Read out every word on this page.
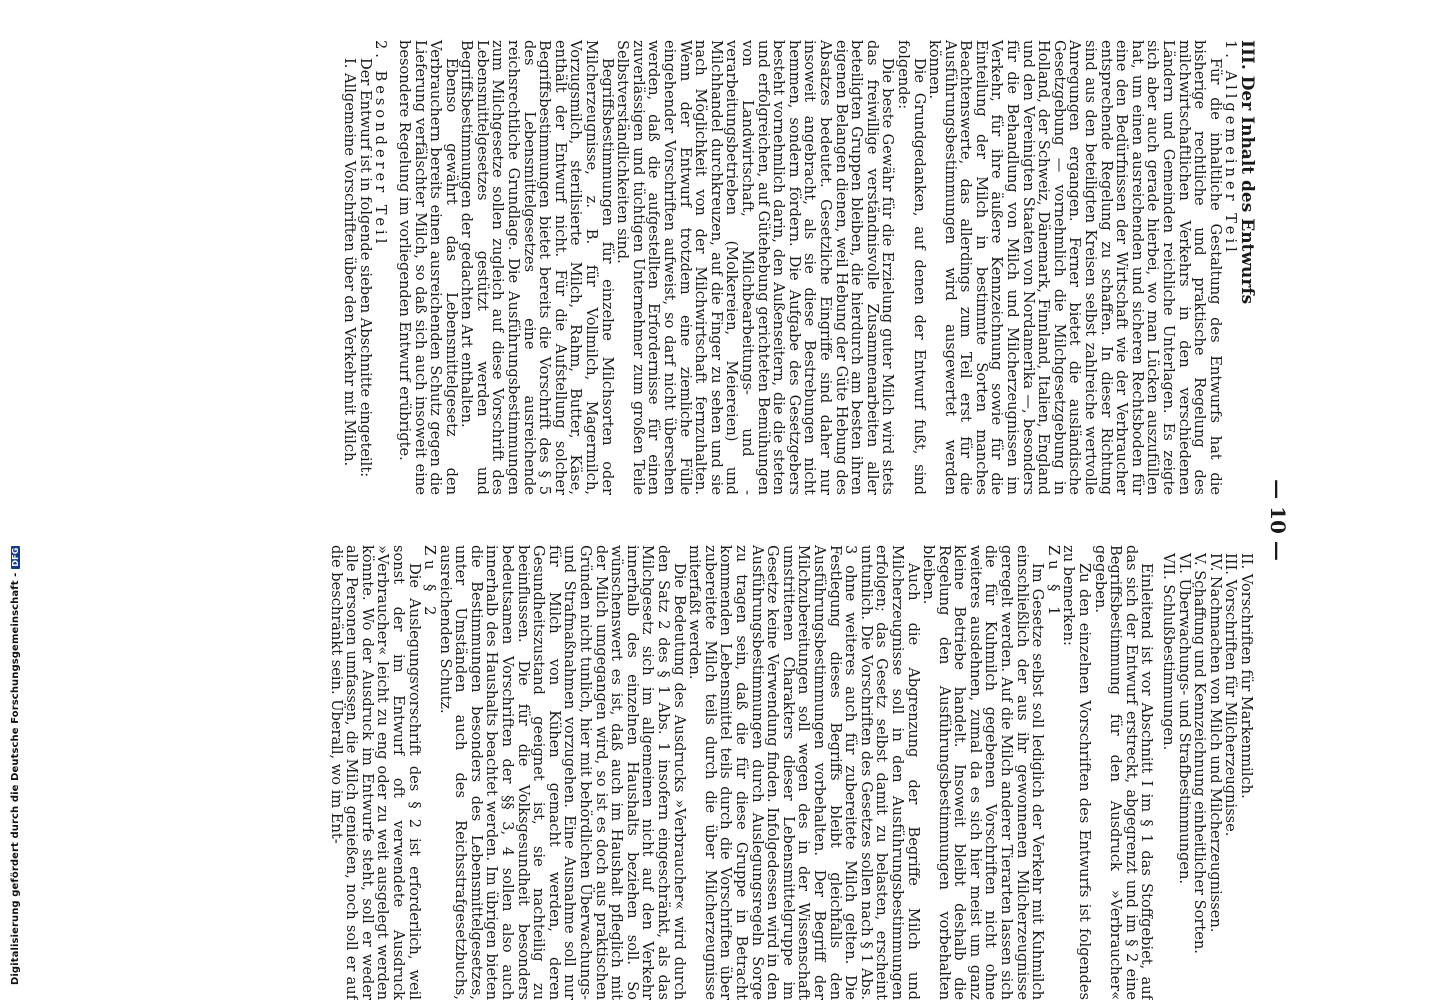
Digitalisierung gefördert durch die Deutsche Forschungsgemeinschaft -DFG	— 10 —

III. Der Inhalt des Entwurfs

1. Allgemeiner Teil

Für die inhaltliche Gestaltung des Entwurfs hat die bisherige rechtliche und praktische Regelung des milchwirtschaftlichen Verkehrs in den verschiedenen Ländern und Gemeinden reichliche Unterlagen. Es zeigte sich aber auch gerade hierbei, wo man Lücken auszufüllen hat, um einen ausreichenden und sicheren Rechtsboden für eine den Bedürfnissen der Wirtschaft wie der Verbraucher entsprechende Regelung zu schaffen. In dieser Richtung sind aus den beteiligten Kreisen selbst zahlreiche wertvolle Anregungen ergangen. Ferner bietet die ausländische Gesetzgebung — vornehmlich die Milchgesetzgebung in Holland, der Schweiz, Dänemark, Finnland, Italien, England und den Vereinigten Staaten von Nordamerika —, besonders für die Behandlung von Milch und Milcherzeugnissen im Verkehr, für ihre äußere Kennzeichnung sowie für die Einteilung der Milch in bestimmte Sorten manches Beachtenswerte, das allerdings zum Teil erst für die Ausführungsbestimmungen wird ausgewertet werden können.

Die Grundgedanken, auf denen der Entwurf fußt, sind folgende:

Die beste Gewähr für die Erzielung guter Milch wird stets das freiwillige verständnisvolle Zusammenarbeiten aller beteiligten Gruppen bleiben, die hierdurch am besten ihren eigenen Belangen dienen, weil Hebung der Güte Hebung des Absatzes bedeutet. Gesetzliche Eingriffe sind daher nur insoweit angebracht, als sie diese Bestrebungen nicht hemmen, sondern fördern. Die Aufgabe des Gesetzgebers besteht vornehmlich darin, den Außenseitern, die die steten und erfolgreichen, auf Gütehebung gerichteten Bemühungen von Landwirtschaft, Milchbearbeitungs- und -verarbeitungsbetrieben (Molkereien, Meiereien) und Milchhandel durchkreuzen, auf die Finger zu sehen und sie nach Möglichkeit von der Milchwirtschaft fernzuhalten. Wenn der Entwurf trotzdem eine ziemliche Fülle eingehender Vorschriften aufweist, so darf nicht übersehen werden, daß die aufgestellten Erfordernisse für einen zuverlässigen und tüchtigen Unternehmer zum großen Teile Selbstverständlichkeiten sind.

Begriffsbestimmungen für einzelne Milchsorten oder Milcherzeugnisse, z. B. für Vollmilch, Magermilch, Vorzugsmilch, sterilisierte Milch, Rahm, Butter, Käse, enthält der Entwurf nicht. Für die Aufstellung solcher Begriffsbestimmungen bietet bereits die Vorschrift des § 5 des Lebensmittelgesetzes eine ausreichende reichsrechtliche Grundlage. Die Ausführungsbestimmungen zum Milchgesetze sollen zugleich auf diese Vorschrift des Lebensmittelgesetzes gestützt werden und Begriffsbestimmungen der gedachten Art enthalten.

Ebenso gewährt das Lebensmittelgesetz den Verbrauchern bereits einen ausreichenden Schutz gegen die Lieferung verfälschter Milch, so daß sich auch insoweit eine besondere Regelung im vorliegenden Entwurf erübrigte.

2. Besonderer Teil

Der Entwurf ist in folgende sieben Abschnitte eingeteilt:

I. Allgemeine Vorschriften über den Verkehr mit Milch.

II. Vorschriften für Markenmilch.
III. Vorschriften für Milcherzeugnisse.
IV. Nachmachen von Milch und Milcherzeugnissen.
V. Schaffung und Kennzeichnung einheitlicher Sorten.
VI. Überwachungs- und Strafbestimmungen.
VII. Schlußbestimmungen.

Einleitend ist vor Abschnitt I im § 1 das Stoffgebiet, auf das sich der Entwurf erstreckt, abgegrenzt und im § 2 eine Begriffsbestimmung für den Ausdruck »Verbraucher« gegeben.

Zu den einzelnen Vorschriften des Entwurfs ist folgendes zu bemerken:

Zu § 1

Im Gesetze selbst soll lediglich der Verkehr mit Kuhmilch einschließlich der aus ihr gewonnenen Milcherzeugnisse geregelt werden. Auf die Milch anderer Tierarten lassen sich die für Kuhmilch gegebenen Vorschriften nicht ohne weiteres ausdehnen, zumal da es sich hier meist um ganz kleine Betriebe handelt. Insoweit bleibt deshalb die Regelung den Ausführungsbestimmungen vorbehalten bleiben.

Auch die Abgrenzung der Begriffe Milch und Milcherzeugnisse soll in den Ausführungsbestimmungen erfolgen; das Gesetz selbst damit zu belasten, erscheint untunlich. Die Vorschriften des Gesetzes sollen nach § 1 Abs. 3 ohne weiteres auch für zubereitete Milch gelten. Die Festlegung dieses Begriffs bleibt gleichfalls den Ausführungsbestimmungen vorbehalten. Der Begriff der Milchzubereitungen soll wegen des in der Wissenschaft umstrittenen Charakters dieser Lebensmittelgruppe im Gesetze keine Verwendung finden. Infolgedessen wird in den Ausführungsbestimmungen durch Auslegungsregeln Sorge zu tragen sein, daß die für diese Gruppe in Betracht kommenden Lebensmittel teils durch die Vorschriften über zubereitete Milch teils durch die über Milcherzeugnisse miterfaßt werden.

Die Bedeutung des Ausdrucks »Verbraucher« wird durch den Satz 2 des § 1 Abs. 1 insofern eingeschränkt, als das Milchgesetz sich im allgemeinen nicht auf den Verkehr innerhalb des einzelnen Haushalts beziehen soll. So wünschenswert es ist, daß auch im Haushalt pfleglich mit der Milch umgegangen wird, so ist es doch aus praktischen Gründen nicht tunlich, hier mit behördlichen Überwachungs- und Strafmaßnahmen vorzugehen. Eine Ausnahme soll nur für Milch von Kühen gemacht werden, deren Gesundheitszustand geeignet ist, sie nachteilig zu beeinflussen. Die für die Volksgesundheit besonders bedeutsamen Vorschriften der §§ 3, 4 sollen also auch innerhalb des Haushalts beachtet werden. Im übrigen bieten die Bestimmungen besonders des Lebensmittelgesetzes, unter Umständen auch des Reichsstrafgesetzbuchs, ausreichenden Schutz.

Zu § 2

Die Auslegungsvorschrift des § 2 ist erforderlich, weil sonst der im Entwurf oft verwendete Ausdruck »Verbraucher« leicht zu eng oder zu weit ausgelegt werden könnte. Wo der Ausdruck im Entwurfe steht, soll er weder alle Personen umfassen, die Milch genießen, noch soll er auf die beschränkt sein. Überall, wo im Ent-
